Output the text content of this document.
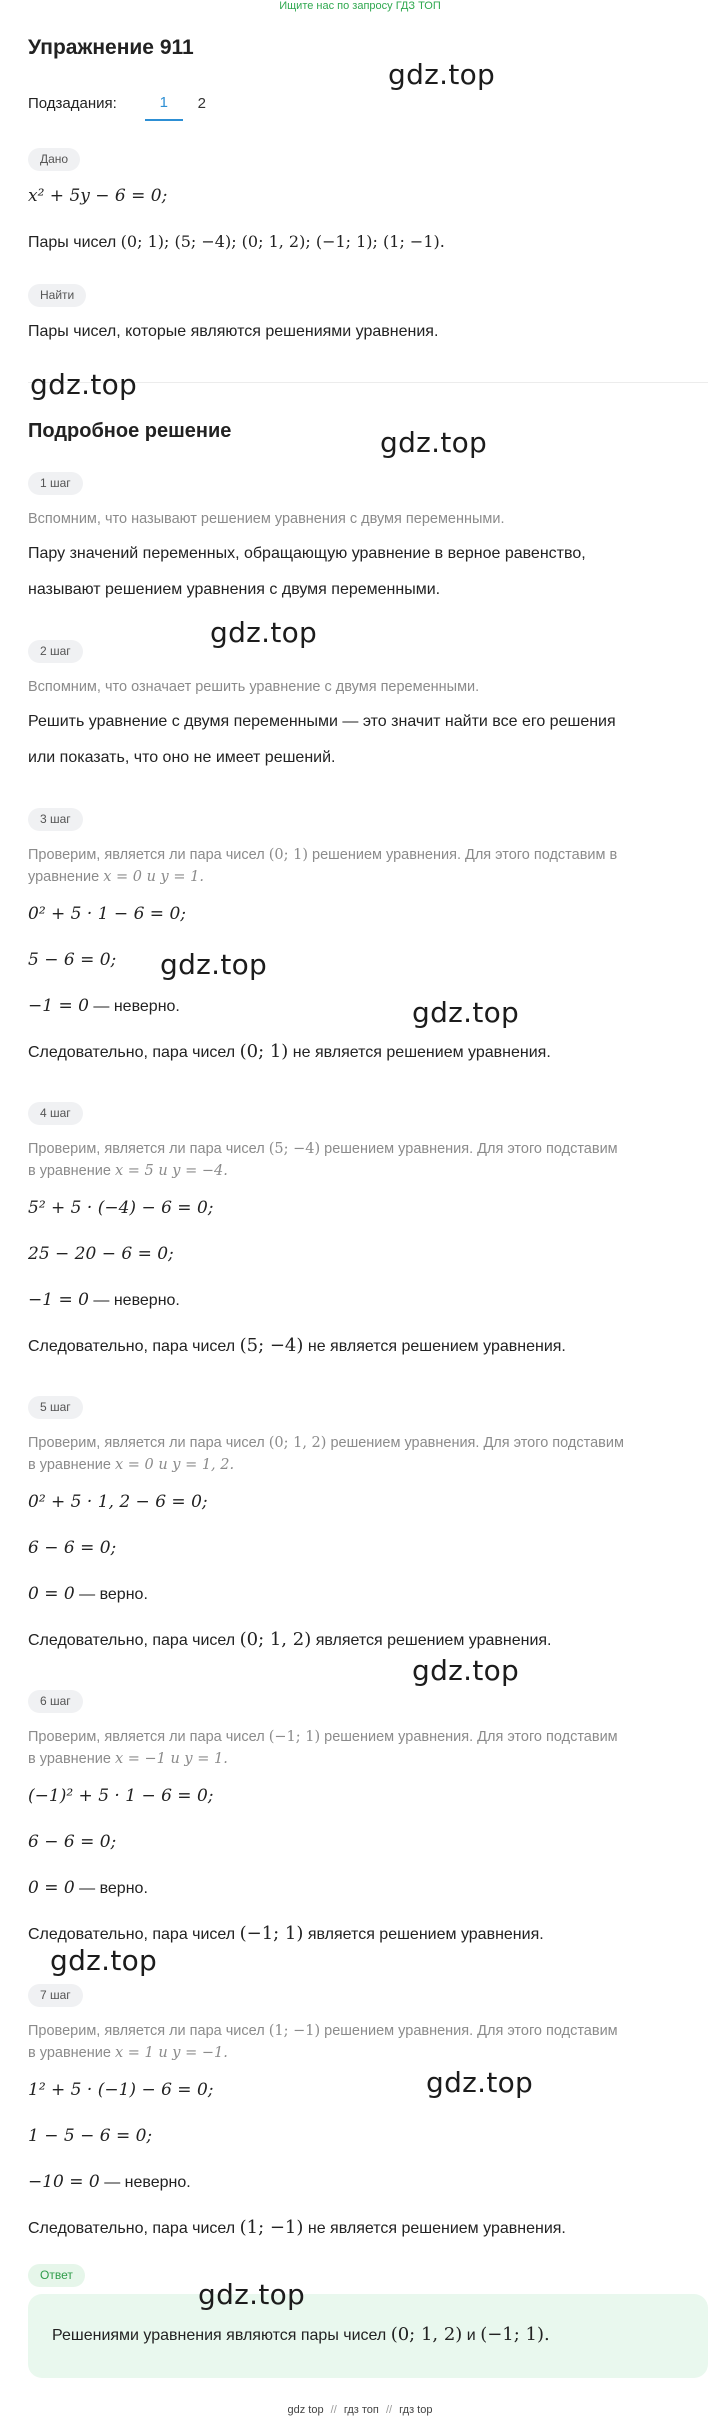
Ищите нас по запросу ГДЗ ТОП
Упражнение 911
Подзадания:	1	2
Дано
x² + 5y − 6 = 0;
Пары чисел (0; 1); (5; −4); (0; 1, 2); (−1; 1); (1; −1).
Найти
Пары чисел, которые являются решениями уравнения.
Подробное решение
1 шаг
Вспомним, что называют решением уравнения с двумя переменными.
Пару значений переменных, обращающую уравнение в верное равенство,
называют решением уравнения с двумя переменными.
2 шаг
Вспомним, что означает решить уравнение с двумя переменными.
Решить уравнение с двумя переменными — это значит найти все его решения
или показать, что оно не имеет решений.
3 шаг
Проверим, является ли пара чисел (0; 1) решением уравнения. Для этого подставим в
уравнение x = 0 и y = 1.
0² + 5 · 1 − 6 = 0;
5 − 6 = 0;
−1 = 0 — неверно.
Следовательно, пара чисел (0; 1) не является решением уравнения.
4 шаг
Проверим, является ли пара чисел (5; −4) решением уравнения. Для этого подставим
в уравнение x = 5 и y = −4.
5² + 5 · (−4) − 6 = 0;
25 − 20 − 6 = 0;
−1 = 0 — неверно.
Следовательно, пара чисел (5; −4) не является решением уравнения.
5 шаг
Проверим, является ли пара чисел (0; 1, 2) решением уравнения. Для этого подставим
в уравнение x = 0 и y = 1, 2.
0² + 5 · 1, 2 − 6 = 0;
6 − 6 = 0;
0 = 0 — верно.
Следовательно, пара чисел (0; 1, 2) является решением уравнения.
6 шаг
Проверим, является ли пара чисел (−1; 1) решением уравнения. Для этого подставим
в уравнение x = −1 и y = 1.
(−1)² + 5 · 1 − 6 = 0;
6 − 6 = 0;
0 = 0 — верно.
Следовательно, пара чисел (−1; 1) является решением уравнения.
7 шаг
Проверим, является ли пара чисел (1; −1) решением уравнения. Для этого подставим
в уравнение x = 1 и y = −1.
1² + 5 · (−1) − 6 = 0;
1 − 5 − 6 = 0;
−10 = 0 — неверно.
Следовательно, пара чисел (1; −1) не является решением уравнения.
Ответ
Решениями уравнения являются пары чисел (0; 1, 2) и (−1; 1).
gdz.top
gdz.top
gdz.top
gdz.top
gdz.top
gdz.top
gdz.top
gdz.top
gdz.top
gdz.top
gdz top // гдз топ // гдз top
